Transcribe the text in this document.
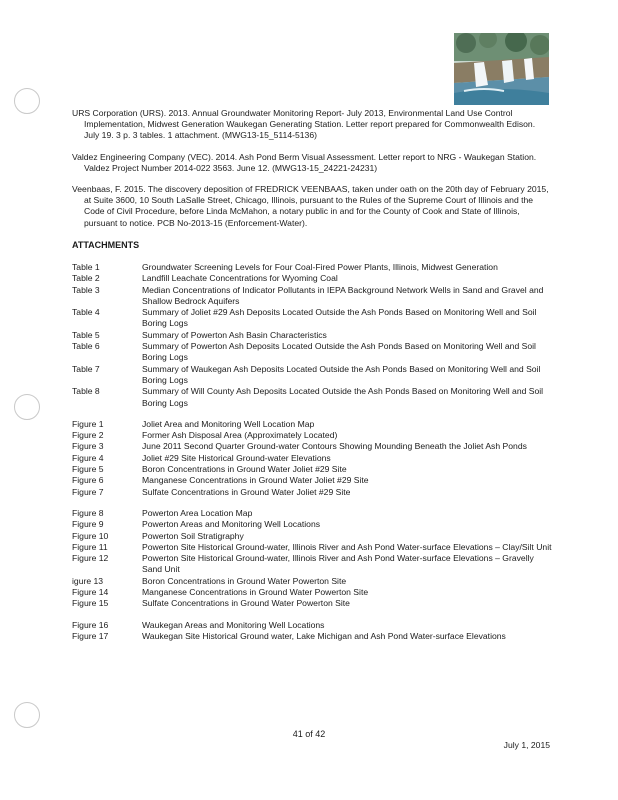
URS Corporation (URS). 2013. Annual Groundwater Monitoring Report- July 2013, Environmental Land Use Control Implementation, Midwest Generation Waukegan Generating Station. Letter report prepared for Commonwealth Edison. July 19. 3 p. 3 tables. 1 attachment. (MWG13-15_5114-5136)

Valdez Engineering Company (VEC). 2014. Ash Pond Berm Visual Assessment. Letter report to NRG - Waukegan Station. Valdez Project Number 2014-022 3563. June 12. (MWG13-15_24221-24231)

Veenbaas, F. 2015. The discovery deposition of FREDRICK VEENBAAS, taken under oath on the 20th day of February 2015, at Suite 3600, 10 South LaSalle Street, Chicago, Illinois, pursuant to the Rules of the Supreme Court of Illinois and the Code of Civil Procedure, before Linda McMahon, a notary public in and for the County of Cook and State of Illinois, pursuant to notice. PCB No-2013-15 (Enforcement-Water).

ATTACHMENTS
Table 1	Groundwater Screening Levels for Four Coal-Fired Power Plants, Illinois, Midwest Generation
Table 2	Landfill Leachate Concentrations for Wyoming Coal
Table 3	Median Concentrations of Indicator Pollutants in IEPA Background Network Wells in Sand and Gravel and Shallow Bedrock Aquifers
Table 4	Summary of Joliet #29 Ash Deposits Located Outside the Ash Ponds Based on Monitoring Well and Soil Boring Logs
Table 5	Summary of Powerton Ash Basin Characteristics
Table 6	Summary of Powerton Ash Deposits Located Outside the Ash Ponds Based on Monitoring Well and Soil Boring Logs
Table 7	Summary of Waukegan Ash Deposits Located Outside the Ash Ponds Based on Monitoring Well and Soil Boring Logs
Table 8	Summary of Will County Ash Deposits Located Outside the Ash Ponds Based on Monitoring Well and Soil Boring Logs
Figure 1	Joliet Area and Monitoring Well Location Map
Figure 2	Former Ash Disposal Area (Approximately Located)
Figure 3	June 2011 Second Quarter Ground-water Contours Showing Mounding Beneath the Joliet Ash Ponds
Figure 4	Joliet #29 Site Historical Ground-water Elevations
Figure 5	Boron Concentrations in Ground Water Joliet #29 Site
Figure 6	Manganese Concentrations in Ground Water Joliet #29 Site
Figure 7	Sulfate Concentrations in Ground Water Joliet #29 Site
Figure 8	Powerton Area Location Map
Figure 9	Powerton Areas and Monitoring Well Locations
Figure 10	Powerton Soil Stratigraphy
Figure 11	Powerton Site Historical Ground-water, Illinois River and Ash Pond Water-surface Elevations – Clay/Silt Unit
Figure 12	Powerton Site Historical Ground-water, Illinois River and Ash Pond Water-surface Elevations – Gravelly Sand Unit
igure 13	Boron Concentrations in Ground Water Powerton Site
Figure 14	Manganese Concentrations in Ground Water Powerton Site
Figure 15	Sulfate Concentrations in Ground Water Powerton Site
Figure 16	Waukegan Areas and Monitoring Well Locations
Figure 17	Waukegan Site Historical Ground water, Lake Michigan and Ash Pond Water-surface Elevations
41 of 42
July 1, 2015
